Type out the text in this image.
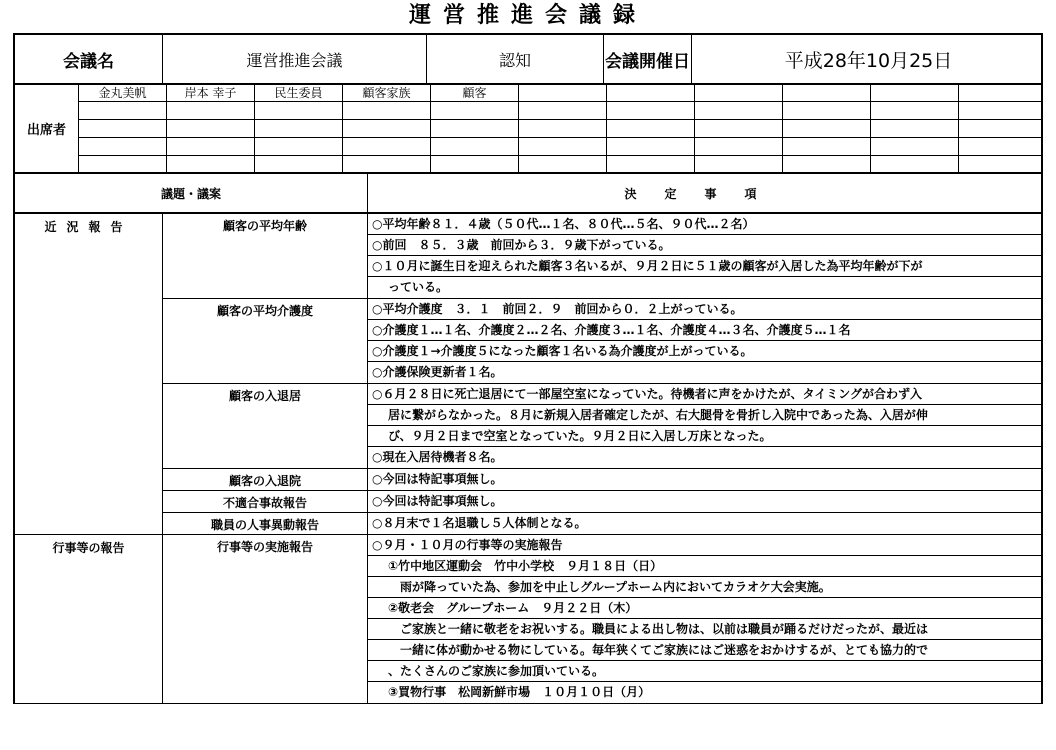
運営推進会議録
会議名	運営推進会議	認知	会議開催日	平成28年10月25日
出席者
金丸美帆	岸本 幸子	民生委員	顧客家族	顧客
議題・議案	決定事項
近況報告	顧客の平均年齢	○平均年齢８１．４歳（５０代…１名、８０代…５名、９０代…２名）
○前回　８５．３歳　前回から３．９歳下がっている。
○１０月に誕生日を迎えられた顧客３名いるが、９月２日に５１歳の顧客が入居した為平均年齢が下が
っている。
顧客の平均介護度	○平均介護度　３．１　前回２．９　前回から０．２上がっている。
○介護度１…１名、介護度２…２名、介護度３…１名、介護度４…３名、介護度５…１名
○介護度１→介護度５になった顧客１名いる為介護度が上がっている。
○介護保険更新者１名。
顧客の入退居	○６月２８日に死亡退居にて一部屋空室になっていた。待機者に声をかけたが、タイミングが合わず入
居に繋がらなかった。８月に新規入居者確定したが、右大腿骨を骨折し入院中であった為、入居が伸
び、９月２日まで空室となっていた。９月２日に入居し万床となった。
○現在入居待機者８名。
顧客の入退院	○今回は特記事項無し。
不適合事故報告	○今回は特記事項無し。
職員の人事異動報告	○８月末で１名退職し５人体制となる。
行事等の報告	行事等の実施報告	○９月・１０月の行事等の実施報告
①竹中地区運動会　竹中小学校　９月１８日（日）
雨が降っていた為、参加を中止しグループホーム内においてカラオケ大会実施。
②敬老会　グループホーム　９月２２日（木）
ご家族と一緒に敬老をお祝いする。職員による出し物は、以前は職員が踊るだけだったが、最近は
一緒に体が動かせる物にしている。毎年狭くてご家族にはご迷惑をおかけするが、とても協力的で
、たくさんのご家族に参加頂いている。
③買物行事　松岡新鮮市場　１０月１０日（月）
